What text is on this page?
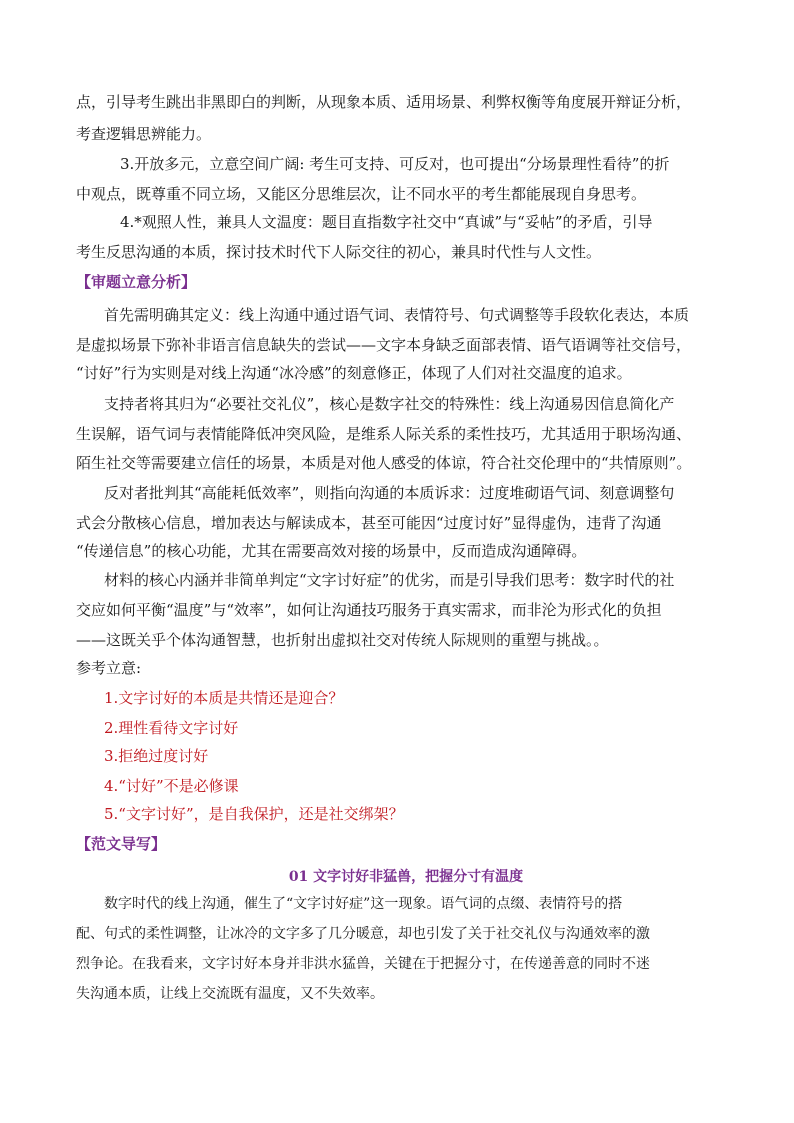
点，引导考生跳出非黑即白的判断，从现象本质、适用场景、利弊权衡等角度展开辩证分析，
考查逻辑思辨能力。
3.开放多元，立意空间广阔: 考生可支持、可反对，也可提出“分场景理性看待”的折
中观点，既尊重不同立场，又能区分思维层次，让不同水平的考生都能展现自身思考。
4.*观照人性，兼具人文温度：题目直指数字社交中“真诚”与“妥帖”的矛盾，引导
考生反思沟通的本质，探讨技术时代下人际交往的初心，兼具时代性与人文性。
【审题立意分析】
首先需明确其定义：线上沟通中通过语气词、表情符号、句式调整等手段软化表达，本质
是虚拟场景下弥补非语言信息缺失的尝试——文字本身缺乏面部表情、语气语调等社交信号，
“讨好”行为实则是对线上沟通“冰冷感”的刻意修正，体现了人们对社交温度的追求。
支持者将其归为“必要社交礼仪”，核心是数字社交的特殊性：线上沟通易因信息简化产
生误解，语气词与表情能降低冲突风险，是维系人际关系的柔性技巧，尤其适用于职场沟通、
陌生社交等需要建立信任的场景，本质是对他人感受的体谅，符合社交伦理中的“共情原则”。
反对者批判其“高能耗低效率”，则指向沟通的本质诉求：过度堆砌语气词、刻意调整句
式会分散核心信息，增加表达与解读成本，甚至可能因“过度讨好”显得虚伪，违背了沟通
“传递信息”的核心功能，尤其在需要高效对接的场景中，反而造成沟通障碍。
材料的核心内涵并非简单判定“文字讨好症”的优劣，而是引导我们思考：数字时代的社
交应如何平衡“温度”与“效率”，如何让沟通技巧服务于真实需求，而非沦为形式化的负担
——这既关乎个体沟通智慧，也折射出虚拟社交对传统人际规则的重塑与挑战。。
参考立意:
1.文字讨好的本质是共情还是迎合？
2.理性看待文字讨好
3.拒绝过度讨好
4.“讨好”不是必修课
5.“文字讨好”，是自我保护，还是社交绑架？
【范文导写】
01 文字讨好非猛兽，把握分寸有温度
数字时代的线上沟通，催生了“文字讨好症”这一现象。语气词的点缀、表情符号的搭
配、句式的柔性调整，让冰冷的文字多了几分暖意，却也引发了关于社交礼仪与沟通效率的激
烈争论。在我看来，文字讨好本身并非洪水猛兽，关键在于把握分寸，在传递善意的同时不迷
失沟通本质，让线上交流既有温度，又不失效率。
